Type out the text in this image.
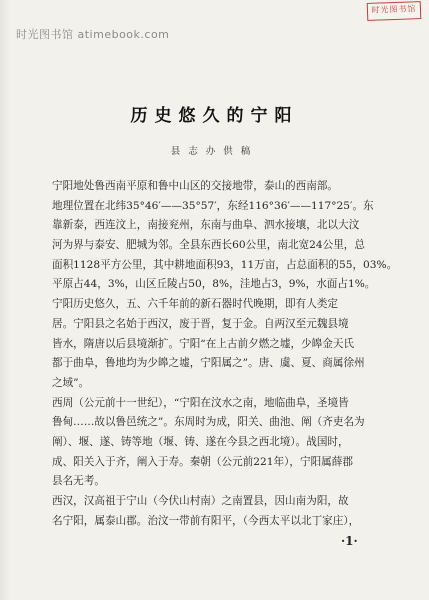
时光图书馆
时光图书馆 atimebook.com
历史悠久的宁阳
县志办供稿
宁阳地处鲁西南平原和鲁中山区的交接地带，泰山的西南部。
地理位置在北纬35°46′——35°57′，东经116°36′——117°25′。东
靠新泰，西连汶上，南接兖州，东南与曲阜、泗水接壤，北以大汶
河为界与泰安、肥城为邻。全县东西长60公里，南北宽24公里，总
面积1128平方公里，其中耕地面积93，11万亩，占总面积的55，03%。
平原占44，3%，山区丘陵占50，8%，洼地占3，9%，水面占1%。
宁阳历史悠久，五、六千年前的新石器时代晚期，即有人类定
居。宁阳县之名始于西汉，废于晋，复于金。自两汉至元魏县境
皆水，隋唐以后县境渐扩。宁阳“在上古前夕燃之墟，少皞金天氏
都于曲阜，鲁地均为少皞之墟，宁阳属之”。唐、虞、夏、商属徐州
之域”。
西周（公元前十一世纪），“宁阳在汶水之南，地临曲阜，圣境皆
鲁甸……故以鲁邑统之”。东周时为成，阳关、曲池、阐（齐吏名为
阐）、堰、遂、铸等地（堰、铸、遂在今县之西北境）。战国时，
成、阳关入于齐，阐入于寿。秦朝（公元前221年），宁阳属薛郡
县名无考。
西汉，汉高祖于宁山（今伏山村南）之南置县，因山南为阳，故
名宁阳，属泰山郡。治汶一带前有阳平，（今西太平以北丁家庄），
·1·
